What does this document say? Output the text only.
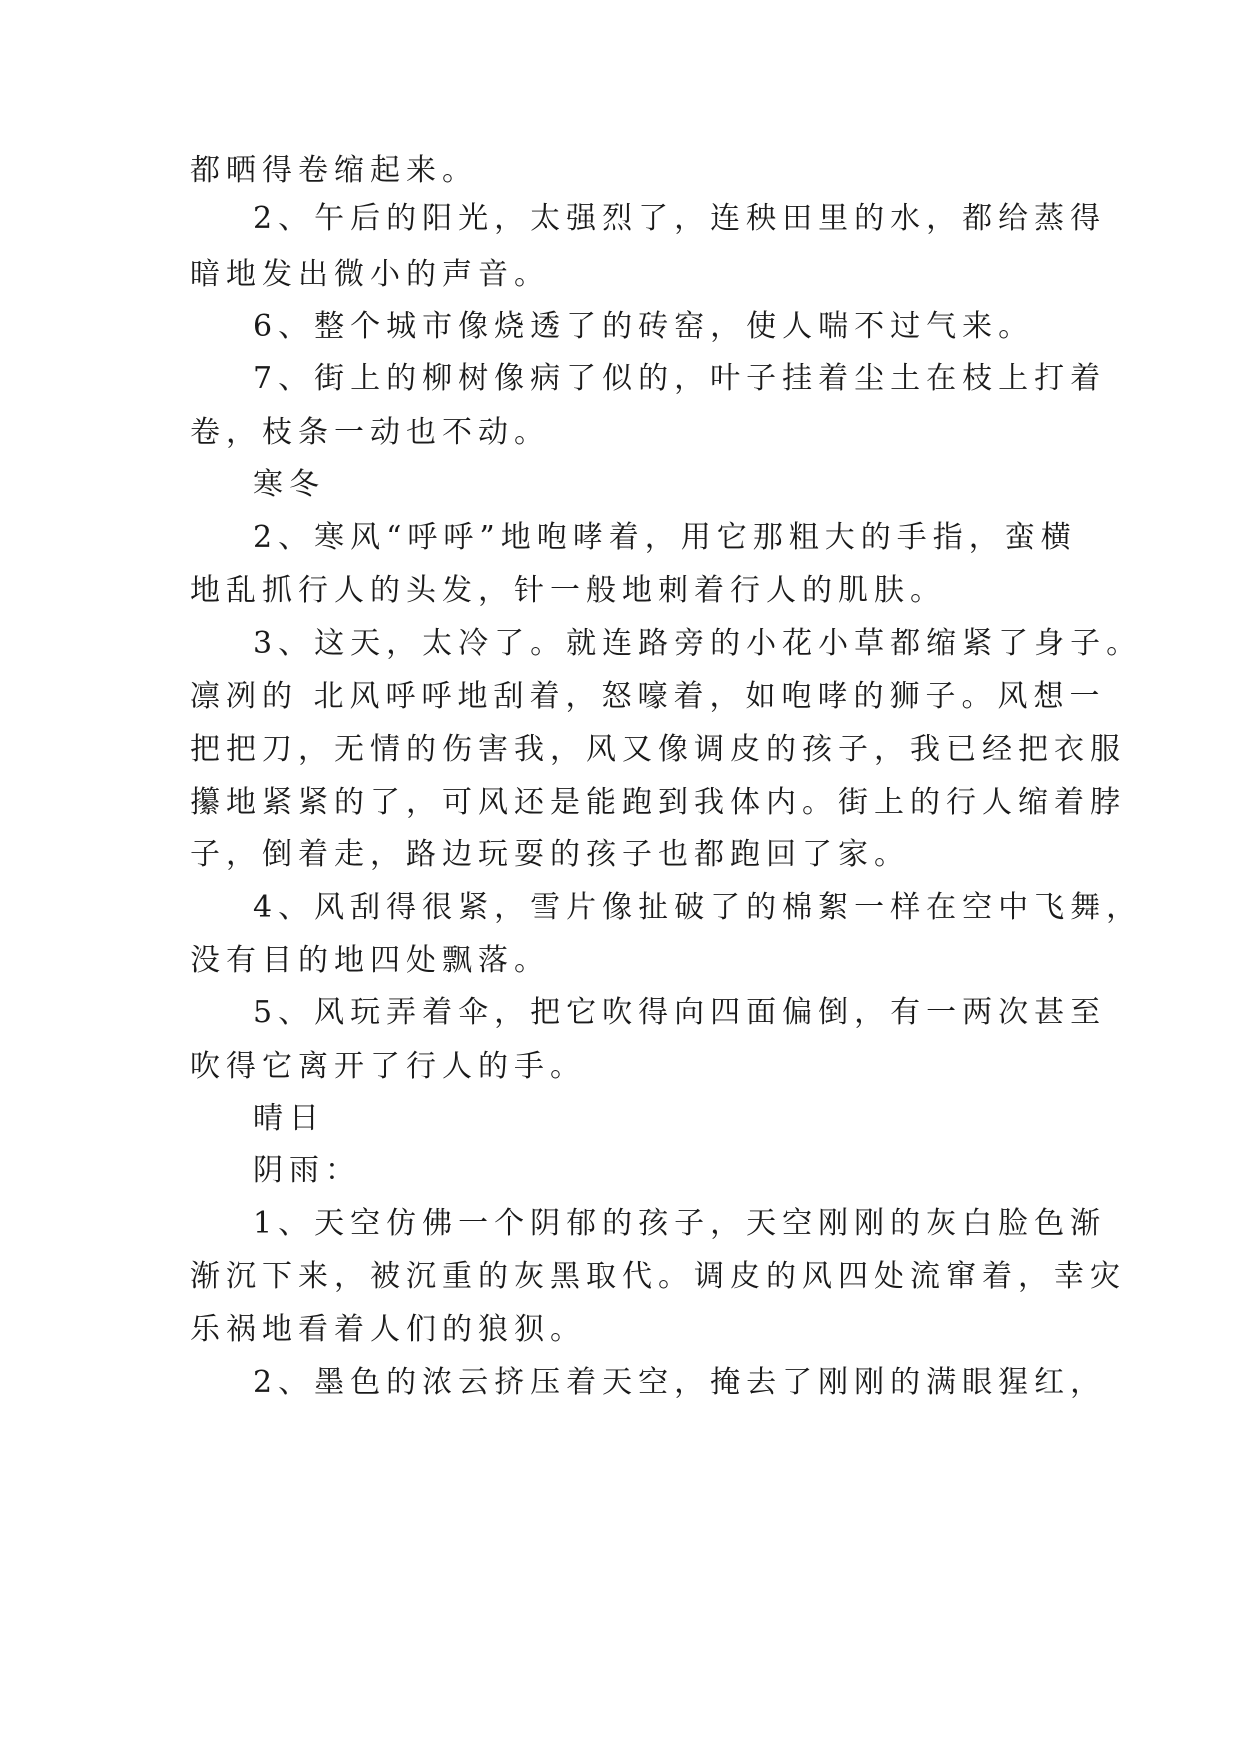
都晒得卷缩起来。
2、午后的阳光，太强烈了，连秧田里的水，都给蒸得
暗地发出微小的声音。
6、整个城市像烧透了的砖窑，使人喘不过气来。
7、街上的柳树像病了似的，叶子挂着尘土在枝上打着
卷，枝条一动也不动。
寒冬
2、寒风“呼呼”地咆哮着，用它那粗大的手指，蛮横
地乱抓行人的头发，针一般地刺着行人的肌肤。
3、这天，太冷了。就连路旁的小花小草都缩紧了身子。
凛冽的 北风呼呼地刮着，怒嚎着，如咆哮的狮子。风想一
把把刀，无情的伤害我，风又像调皮的孩子，我已经把衣服
攥地紧紧的了，可风还是能跑到我体内。街上的行人缩着脖
子，倒着走，路边玩耍的孩子也都跑回了家。
4、风刮得很紧，雪片像扯破了的棉絮一样在空中飞舞，
没有目的地四处飘落。
5、风玩弄着伞，把它吹得向四面偏倒，有一两次甚至
吹得它离开了行人的手。
晴日
阴雨：
1、天空仿佛一个阴郁的孩子，天空刚刚的灰白脸色渐
渐沉下来，被沉重的灰黑取代。调皮的风四处流窜着，幸灾
乐祸地看着人们的狼狈。
2、墨色的浓云挤压着天空，掩去了刚刚的满眼猩红，
